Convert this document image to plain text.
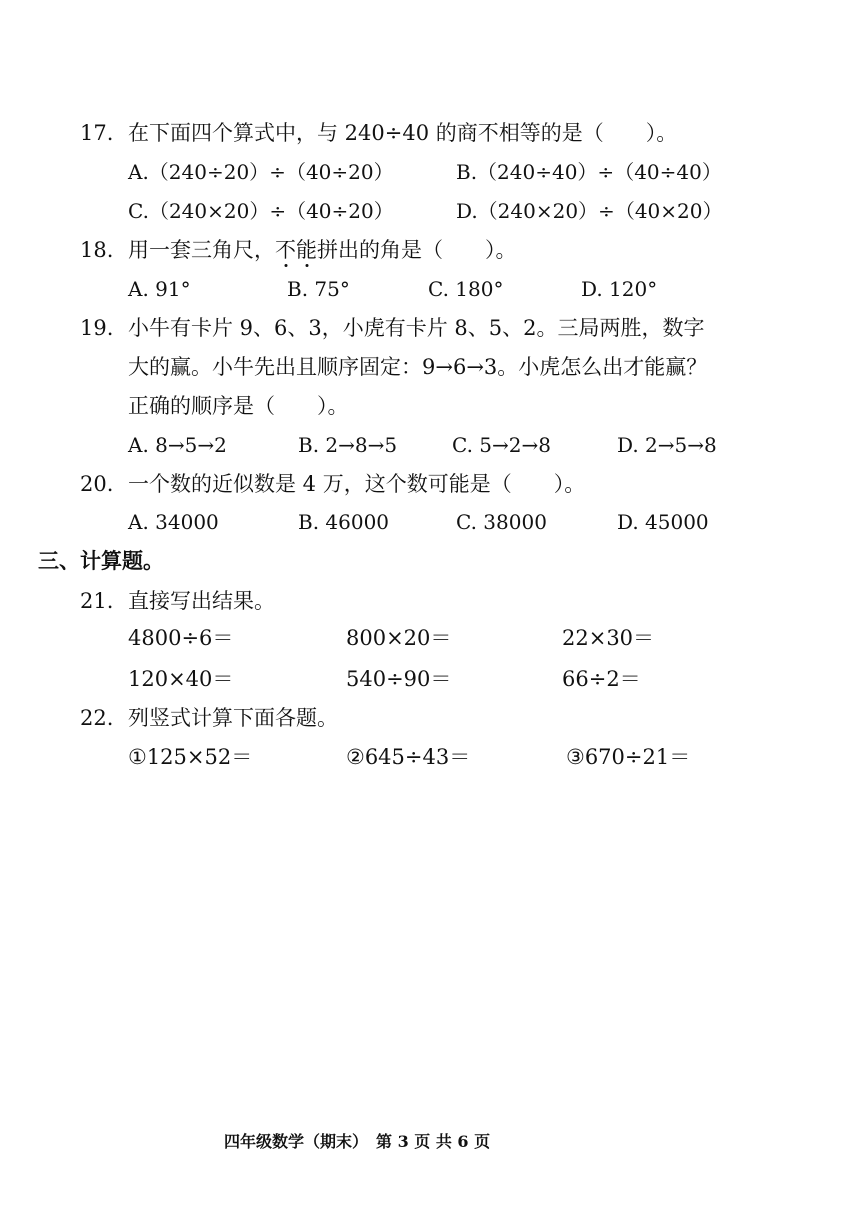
17. 在下面四个算式中，与 240÷40 的商不相等的是（　　）。
A.（240÷20）÷（40÷20）	B.（240÷40）÷（40÷40）
C.（240×20）÷（40÷20）	D.（240×20）÷（40×20）
18. 用一套三角尺，不能拼出的角是（　　）。
A. 91°	B. 75°	C. 180°	D. 120°
19. 小牛有卡片 9、6、3，小虎有卡片 8、5、2。三局两胜，数字
大的赢。小牛先出且顺序固定：9→6→3。小虎怎么出才能赢？
正确的顺序是（　　）。
A. 8→5→2	B. 2→8→5	C. 5→2→8	D. 2→5→8
20. 一个数的近似数是 4 万，这个数可能是（　　）。
A. 34000	B. 46000	C. 38000	D. 45000
三、计算题。
21. 直接写出结果。
4800÷6＝	800×20＝	22×30＝
120×40＝	540÷90＝	66÷2＝
22. 列竖式计算下面各题。
①125×52＝	②645÷43＝	③670÷21＝
四年级数学（期末）　第 3 页 共 6 页
